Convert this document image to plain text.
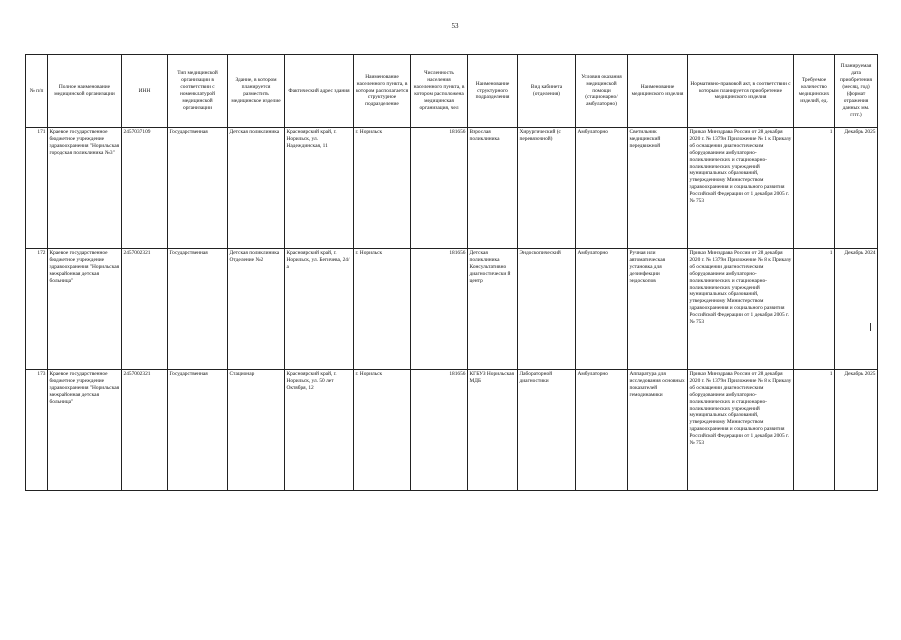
53
№ п/п	Полное наименование медицинской организации	ИНН	Тип медицинской организации в соответствии с номенклатурой медицинской организации	Здание, в котором планируется разместить медицинское изделие	Фактический адрес здания	Наименование населенного пункта, в котором располагается структурное подразделение	Численность населения населенного пункта, в котором расположена медицинская организация, чел	Наименование структурного подразделения	Вид кабинета (отделения)	Условия оказания медицинской помощи (стационарно/амбулаторно)	Наименование медицинского изделия	Нормативно-правовой акт, в соответствии с которым планируется приобретение медицинского изделия	Требуемое количество медицинских изделий, ед.	Планируемая дата приобретения (месяц, год) (формат отражения данных мм. гггг.)
171	Краевое государственное бюджетное учреждение здравоохранения "Норильская городская поликлиника №3"	2457037109	Государственная	Детская поликлиника	Красноярский край, г. Норильск, ул. Надеждинская, 11	г. Норильск	181656	Взрослая поликлиника	Хирургический (с перевязочной)	Амбулаторно	Светильник медицинский передвижной	Приказ Минздрава России от 28 декабря 2020 г. № 1379н Приложение № 1 к Приказу об оснащении диагностическим оборудованием амбулаторно-поликлинических и стационарно-поликлинических учреждений муниципальных образований, утвержденному Министерством здравоохранения и социального развития Российской Федерации от 1 декабря 2005 г. № 753	1	Декабрь 2025
172	Краевое государственное бюджетное учреждение здравоохранения "Норильская межрайонная детская больница"	2457002321	Государственная	Детская поликлиника Отделение №2	Красноярский край, г. Норильск, ул. Бегичева, 24/а	г. Норильск	181656	Детская поликлиника Консультативно диагностически й центр	Эндоскопический	Амбулаторно	Ручная или автоматическая установка для дезинфекции эндоскопов	Приказ Минздрава России от 28 декабря 2020 г. № 1379н Приложение № 8 к Приказу об оснащении диагностическим оборудованием амбулаторно-поликлинических и стационарно-поликлинических учреждений муниципальных образований, утвержденному Министерством здравоохранения и социального развития Российской Федерации от 1 декабря 2005 г. № 753	1	Декабрь 2024
173	Краевое государственное бюджетное учреждение здравоохранения "Норильская межрайонная детская больница"	2457002321	Государственная	Стационар	Красноярский край, г. Норильск, ул. 50 лет Октября, 12	г. Норильск	181656	КГБУЗ Норильская МДБ	Лабораторной диагностики	Амбулаторно	Аппаратура для исследования основных показателей гемодинамики	Приказ Минздрава России от 28 декабря 2020 г. № 1379н Приложение № 8 к Приказу об оснащении диагностическим оборудованием амбулаторно-поликлинических и стационарно-поликлинических учреждений муниципальных образований, утвержденному Министерством здравоохранения и социального развития Российской Федерации от 1 декабря 2005 г. № 753	1	Декабрь 2025
